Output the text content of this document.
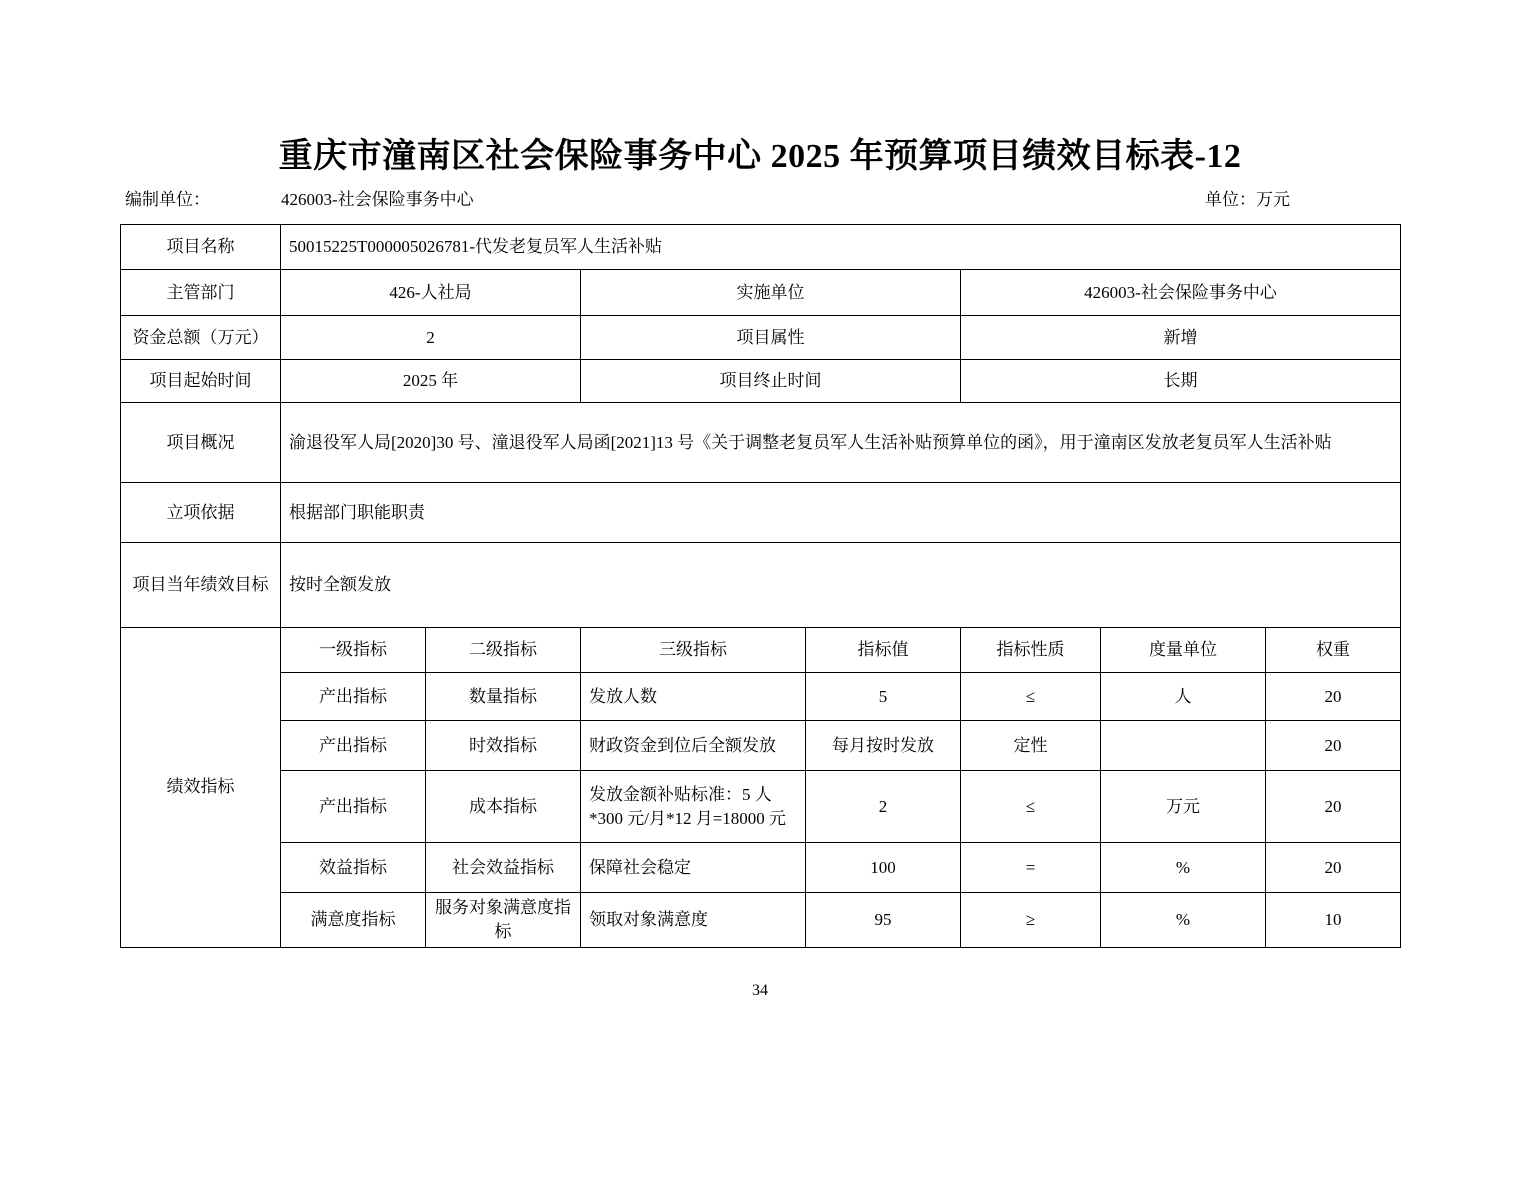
重庆市潼南区社会保险事务中心 2025 年预算项目绩效目标表-12
编制单位：	426003-社会保险事务中心	单位：万元
项目名称	50015225T000005026781-代发老复员军人生活补贴						
主管部门	426-人社局		实施单位		426003-社会保险事务中心		
资金总额（万元）	2		项目属性		新增		
项目起始时间	2025 年		项目终止时间		长期		
项目概况	渝退役军人局[2020]30 号、潼退役军人局函[2021]13 号《关于调整老复员军人生活补贴预算单位的函》，用于潼南区发放老复员军人生活补贴						
立项依据	根据部门职能职责						
项目当年绩效目标	按时全额发放						
绩效指标	一级指标	二级指标	三级指标	指标值	指标性质	度量单位	权重
	产出指标	数量指标	发放人数	5	≤	人	20
	产出指标	时效指标	财政资金到位后全额发放	每月按时发放	定性		20
	产出指标	成本指标	发放金额补贴标准：5 人*300 元/月*12 月=18000 元	2	≤	万元	20
	效益指标	社会效益指标	保障社会稳定	100	=	%	20
	满意度指标	服务对象满意度指标	领取对象满意度	95	≥	%	10
34
